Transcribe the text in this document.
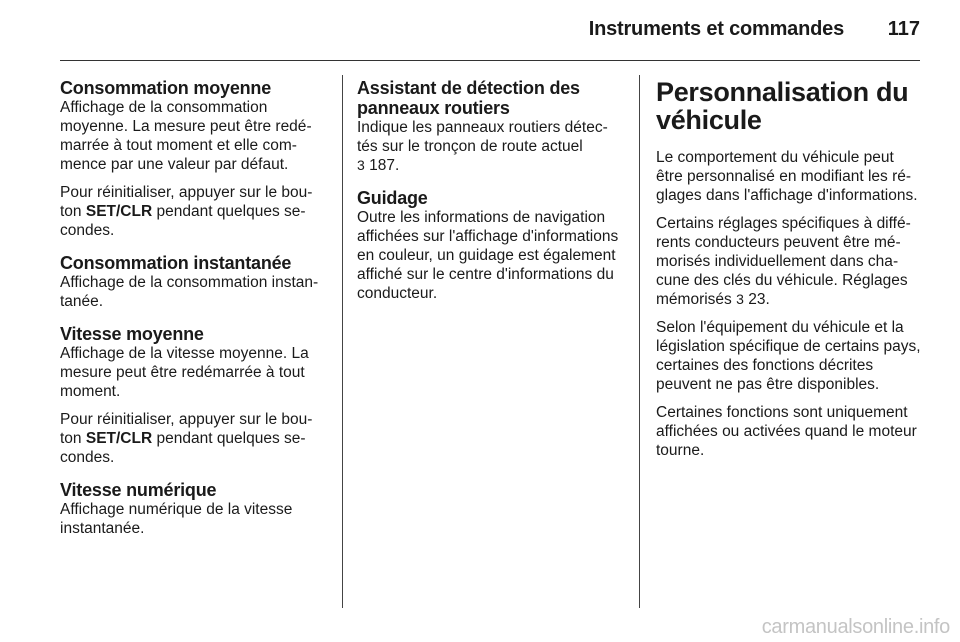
Instruments et commandes 117
Consommation moyenne

Affichage de la consommation moyenne. La mesure peut être redémarrée à tout moment et elle commence par une valeur par défaut.

Pour réinitialiser, appuyer sur le bouton SET/CLR pendant quelques secondes.

Consommation instantanée

Affichage de la consommation instantanée.

Vitesse moyenne

Affichage de la vitesse moyenne. La mesure peut être redémarrée à tout moment.

Pour réinitialiser, appuyer sur le bouton SET/CLR pendant quelques secondes.

Vitesse numérique

Affichage numérique de la vitesse instantanée.

Assistant de détection des panneaux routiers

Indique les panneaux routiers détectés sur le tronçon de route actuel
3 187.

Guidage

Outre les informations de navigation affichées sur l'affichage d'informations en couleur, un guidage est également affiché sur le centre d'informations du conducteur.

Personnalisation du véhicule

Le comportement du véhicule peut être personnalisé en modifiant les réglages dans l'affichage d'informations.

Certains réglages spécifiques à différents conducteurs peuvent être mémorisés individuellement dans chacune des clés du véhicule. Réglages mémorisés 3 23.

Selon l'équipement du véhicule et la législation spécifique de certains pays, certaines des fonctions décrites peuvent ne pas être disponibles.

Certaines fonctions sont uniquement affichées ou activées quand le moteur tourne.

carmanualsonline.info
